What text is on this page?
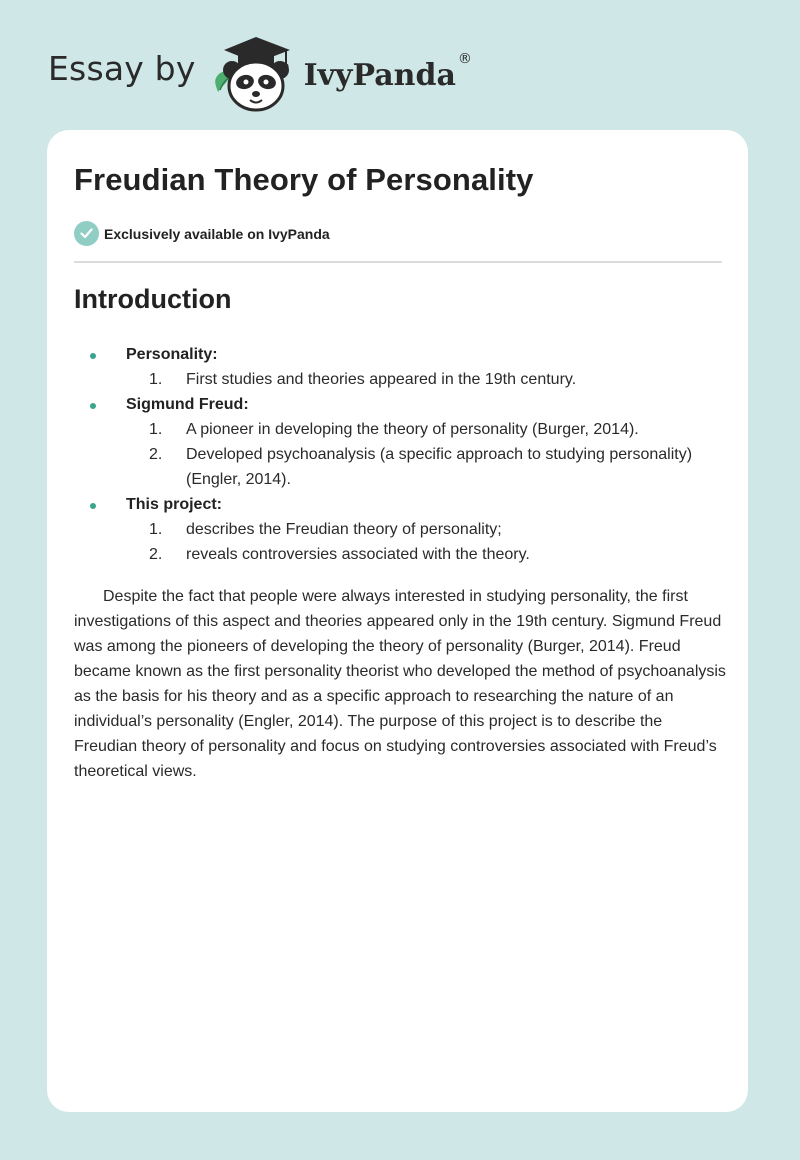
Essay by	IvyPanda ®
Freudian Theory of Personality
Exclusively available on IvyPanda
Introduction
Personality:
1. First studies and theories appeared in the 19th century.
Sigmund Freud:
1. A pioneer in developing the theory of personality (Burger, 2014).
2. Developed psychoanalysis (a specific approach to studying personality) (Engler, 2014).
This project:
1. describes the Freudian theory of personality;
2. reveals controversies associated with the theory.

Despite the fact that people were always interested in studying personality, the first investigations of this aspect and theories appeared only in the 19th century. Sigmund Freud was among the pioneers of developing the theory of personality (Burger, 2014). Freud became known as the first personality theorist who developed the method of psychoanalysis as the basis for his theory and as a specific approach to researching the nature of an individual’s personality (Engler, 2014). The purpose of this project is to describe the Freudian theory of personality and focus on studying controversies associated with Freud’s theoretical views.
